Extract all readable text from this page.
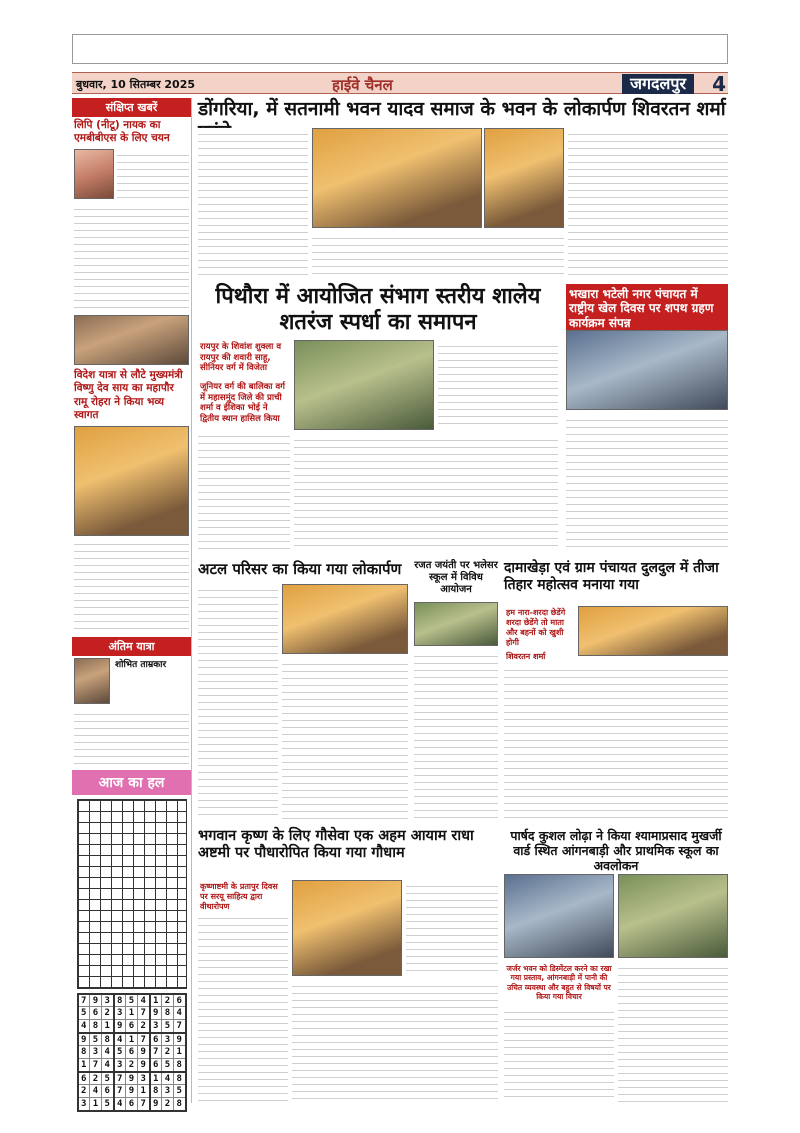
बुधवार, 10 सितम्बर 2025	हाईवे चैनल	जगदलपुर	4
संक्षिप्त खबरें
लिपि (नीटू) नायक का एमबीबीएस के लिए चयन
विदेश यात्रा से लौटे मुख्यमंत्री विष्णु देव साय का महापौर रामू रोहरा ने किया भव्य स्वागत
अंतिम यात्रा
शोभित ताम्रकार
आज का हल
7	9	3	8	5	4	1	2	6
5	6	2	3	1	7	9	8	4
4	8	1	9	6	2	3	5	7
9	5	8	4	1	7	6	3	9
8	3	4	5	6	9	7	2	1
1	7	4	3	2	9	6	5	8
6	2	5	7	9	3	1	4	8
2	4	6	7	9	1	8	3	5
3	1	5	4	6	7	9	2	8
डोंगरिया, में सतनामी भवन यादव समाज के भवन के लोकार्पण शिवरतन शर्मा
पिथौरा में आयोजित संभाग स्तरीय शालेय शतरंज स्पर्धा का समापन
रायपुर के शिवांश शुक्ला व रायपुर की शवारी साहू, सीनियर वर्ग में विजेता
जूनियर वर्ग की बालिका वर्ग में महासमुंद जिले की प्राची शर्मा व ईशिका भोई ने द्वितीय स्थान हासिल किया
भखारा भटेली नगर पंचायत में राष्ट्रीय खेल दिवस पर शपथ ग्रहण कार्यक्रम संपन्न
अटल परिसर का किया गया लोकार्पण	रजत जयंती पर भलेसर स्कूल में विविध आयोजन
दामाखेड़ा एवं ग्राम पंचायत दुलदुल में तीजा तिहार महोत्सव मनाया गया
हम नारा-शरदा छेडेंगे शरदा छेडेंगे तो माता और बहनों को खुशी होगी
शिवरतन शर्मा
भगवान कृष्ण के लिए गौसेवा एक अहम आयाम राधा अष्टमी पर पौधारोपित किया गया गौधाम
कृष्णाष्टमी के प्रतापुर दिवस पर सरयू साहित्य द्वारा वीथारोपण
पार्षद कुशल लोढ़ा ने किया श्यामाप्रसाद मुखर्जी वार्ड स्थित आंगनबाड़ी और प्राथमिक स्कूल का अवलोकन
जर्जर भवन को डिस्मेंटल करने का रखा गया प्रस्ताव, आंगनबाड़ी में पानी की उचित व्यवस्था और बहुत से विषयों पर किया गया विचार
